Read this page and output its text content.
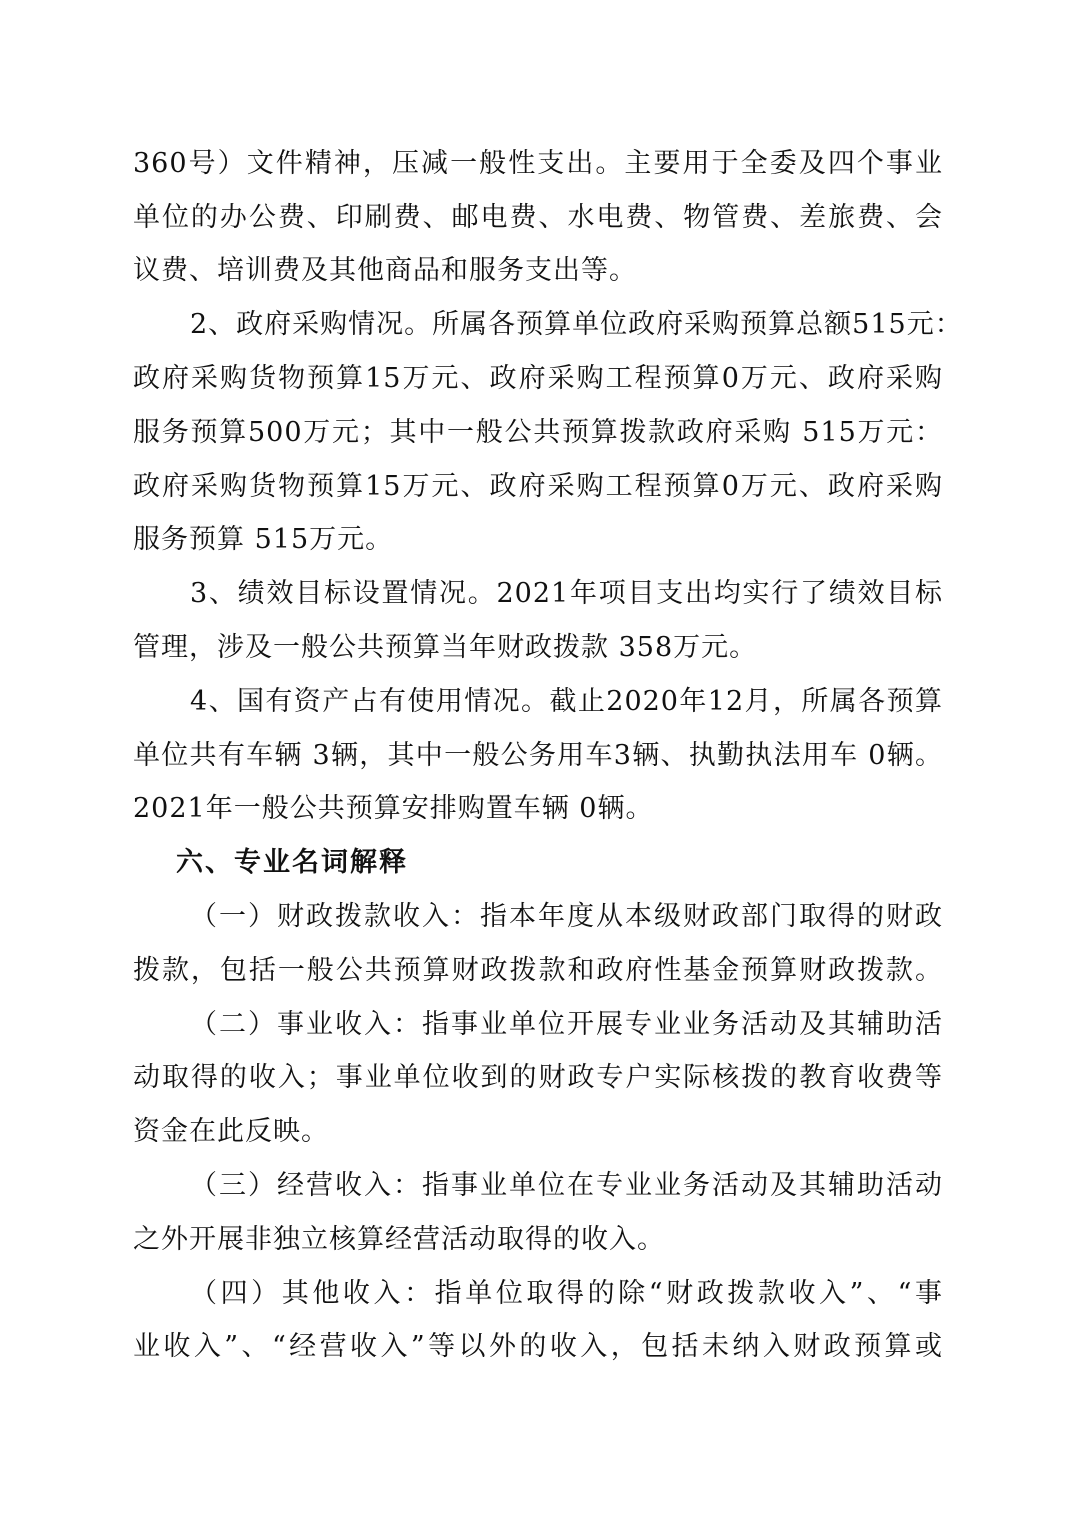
360号）文件精神，压减一般性支出。主要用于全委及四个事业
单位的办公费、印刷费、邮电费、水电费、物管费、差旅费、会
议费、培训费及其他商品和服务支出等。
2、政府采购情况。所属各预算单位政府采购预算总额515元：
政府采购货物预算15万元、政府采购工程预算0万元、政府采购
服务预算500万元；其中一般公共预算拨款政府采购 515万元：
政府采购货物预算15万元、政府采购工程预算0万元、政府采购
服务预算 515万元。
3、绩效目标设置情况。2021年项目支出均实行了绩效目标
管理，涉及一般公共预算当年财政拨款 358万元。
4、国有资产占有使用情况。截止2020年12月，所属各预算
单位共有车辆 3辆，其中一般公务用车3辆、执勤执法用车 0辆。
2021年一般公共预算安排购置车辆 0辆。
六、专业名词解释
（一）财政拨款收入：指本年度从本级财政部门取得的财政
拨款，包括一般公共预算财政拨款和政府性基金预算财政拨款。
（二）事业收入：指事业单位开展专业业务活动及其辅助活
动取得的收入；事业单位收到的财政专户实际核拨的教育收费等
资金在此反映。
（三）经营收入：指事业单位在专业业务活动及其辅助活动
之外开展非独立核算经营活动取得的收入。
（四）其他收入：指单位取得的除“财政拨款收入”、“事
业收入”、“经营收入”等以外的收入，包括未纳入财政预算或
